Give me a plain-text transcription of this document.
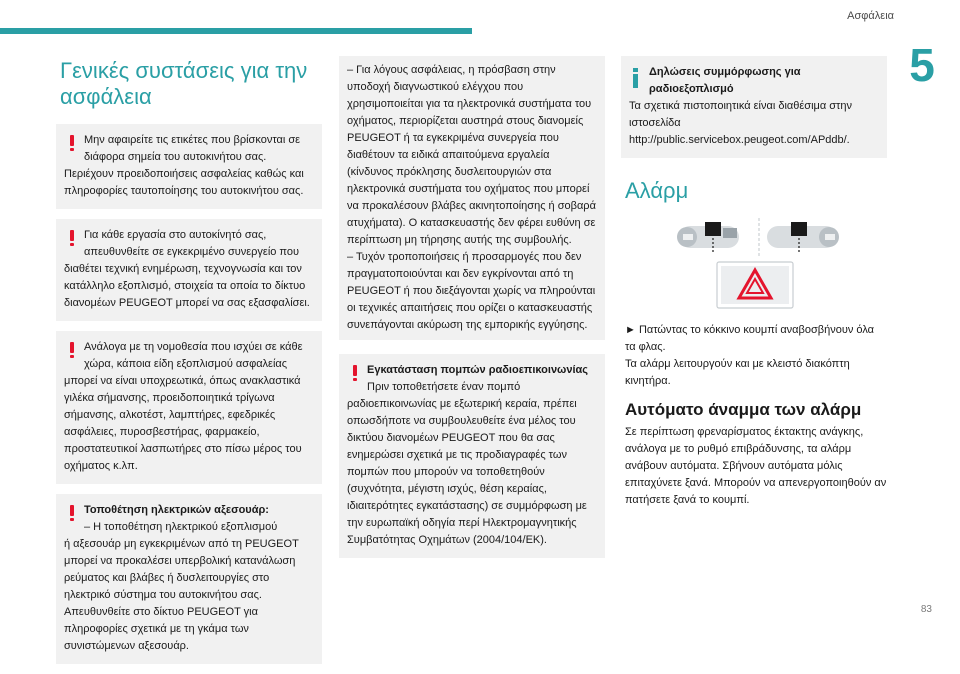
Ασφάλεια
5
83
Γενικές συστάσεις για την ασφάλεια
Μην αφαιρείτε τις ετικέτες που βρίσκονται σε διάφορα σημεία του αυτοκινήτου σας.
Περιέχουν προειδοποιήσεις ασφαλείας καθώς και πληροφορίες ταυτοποίησης του αυτοκινήτου σας.
Για κάθε εργασία στο αυτοκίνητό σας, απευθυνθείτε σε εγκεκριμένο συνεργείο που
διαθέτει τεχνική ενημέρωση, τεχνογνωσία και τον κατάλληλο εξοπλισμό, στοιχεία τα οποία το δίκτυο διανομέων PEUGEOT μπορεί να σας εξασφαλίσει.
Ανάλογα με τη νομοθεσία που ισχύει σε κάθε χώρα, κάποια είδη εξοπλισμού ασφαλείας
μπορεί να είναι υποχρεωτικά, όπως ανακλαστικά γιλέκα σήμανσης, προειδοποιητικά τρίγωνα σήμανσης, αλκοτέστ, λαμπτήρες, εφεδρικές ασφάλειες, πυροσβεστήρας, φαρμακείο, προστατευτικοί λασπωτήρες στο πίσω μέρος του οχήματος κ.λπ.
Τοποθέτηση ηλεκτρικών αξεσουάρ:
– Η τοποθέτηση ηλεκτρικού εξοπλισμού
ή αξεσουάρ μη εγκεκριμένων από τη PEUGEOT μπορεί να προκαλέσει υπερβολική κατανάλωση ρεύματος και βλάβες ή δυσλειτουργίες στο ηλεκτρικό σύστημα του αυτοκινήτου σας. Απευθυνθείτε στο δίκτυο PEUGEOT για πληροφορίες σχετικά με τη γκάμα των συνιστώμενων αξεσουάρ.
– Για λόγους ασφάλειας, η πρόσβαση στην υποδοχή διαγνωστικού ελέγχου που χρησιμοποιείται για τα ηλεκτρονικά συστήματα του οχήματος, περιορίζεται αυστηρά στους διανομείς PEUGEOT ή τα εγκεκριμένα συνεργεία που διαθέτουν τα ειδικά απαιτούμενα εργαλεία (κίνδυνος πρόκλησης δυσλειτουργιών στα ηλεκτρονικά συστήματα του οχήματος που μπορεί να προκαλέσουν βλάβες ακινητοποίησης ή σοβαρά ατυχήματα). Ο κατασκευαστής δεν φέρει ευθύνη σε περίπτωση μη τήρησης αυτής της συμβουλής.
– Τυχόν τροποποιήσεις ή προσαρμογές που δεν πραγματοποιούνται και δεν εγκρίνονται από τη PEUGEOT ή που διεξάγονται χωρίς να πληρούνται οι τεχνικές απαιτήσεις που ορίζει ο κατασκευαστής συνεπάγονται ακύρωση της εμπορικής εγγύησης.
Εγκατάσταση πομπών ραδιοεπικοινωνίας
Πριν τοποθετήσετε έναν πομπό
ραδιοεπικοινωνίας με εξωτερική κεραία, πρέπει οπωσδήποτε να συμβουλευθείτε ένα μέλος του δικτύου διανομέων PEUGEOT που θα σας ενημερώσει σχετικά με τις προδιαγραφές των πομπών που μπορούν να τοποθετηθούν (συχνότητα, μέγιστη ισχύς, θέση κεραίας, ιδιαιτερότητες εγκατάστασης) σε συμμόρφωση με την ευρωπαϊκή οδηγία περί Ηλεκτρομαγνητικής Συμβατότητας Οχημάτων (2004/104/ΕΚ).
Δηλώσεις συμμόρφωσης για ραδιοεξοπλισμό
Τα σχετικά πιστοποιητικά είναι διαθέσιμα στην ιστοσελίδα http://public.servicebox.peugeot.com/APddb/.
Αλάρμ
► Πατώντας το κόκκινο κουμπί αναβοσβήνουν όλα τα φλας.
Τα αλάρμ λειτουργούν και με κλειστό διακόπτη κινητήρα.
Αυτόματο άναμμα των αλάρμ
Σε περίπτωση φρεναρίσματος έκτακτης ανάγκης, ανάλογα με το ρυθμό επιβράδυνσης, τα αλάρμ ανάβουν αυτόματα. Σβήνουν αυτόματα μόλις επιταχύνετε ξανά. Μπορούν να απενεργοποιηθούν αν πατήσετε ξανά το κουμπί.
